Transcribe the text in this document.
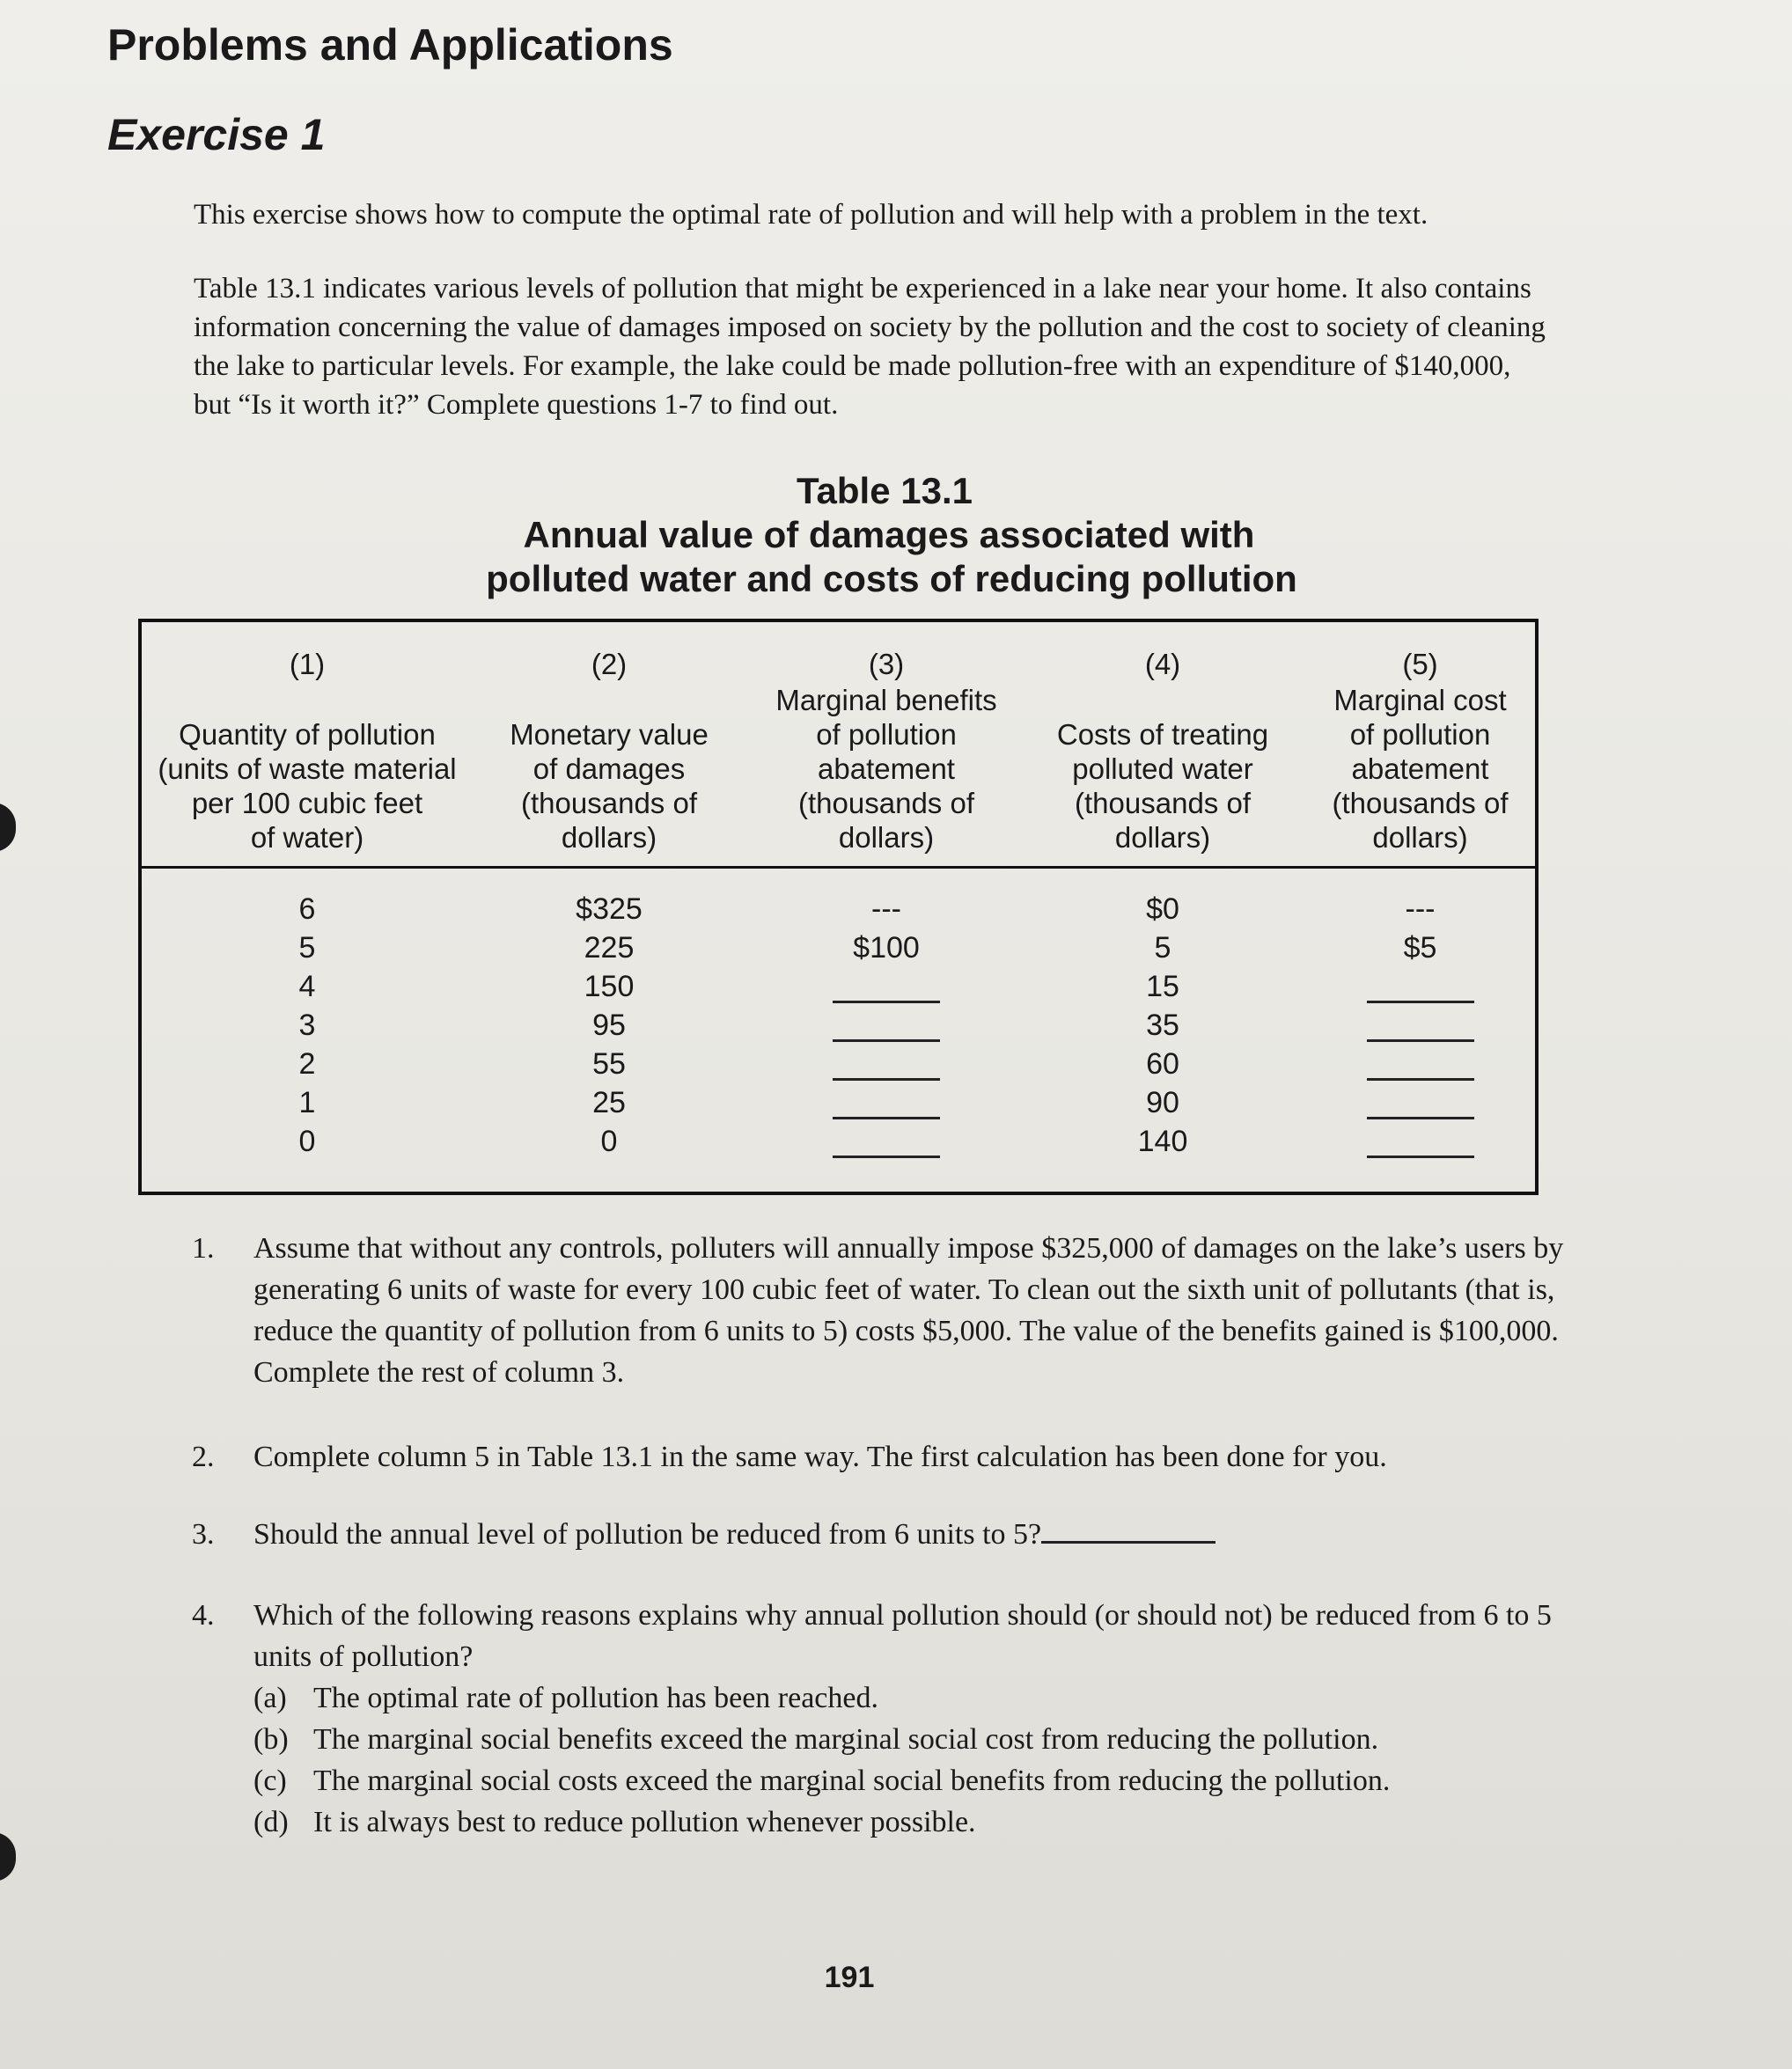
Problems and Applications
Exercise 1
This exercise shows how to compute the optimal rate of pollution and will help with a problem in the text.
Table 13.1 indicates various levels of pollution that might be experienced in a lake near your home. It also contains information concerning the value of damages imposed on society by the pollution and the cost to society of cleaning the lake to particular levels. For example, the lake could be made pollution-free with an expenditure of $140,000, but “Is it worth it?” Complete questions 1-7 to find out.
Table 13.1
Annual value of damages associated with
polluted water and costs of reducing pollution
(1)
Quantity of pollution
(units of waste material
per 100 cubic feet
of water)
6
5
4
3
2
1
0
(2)
Monetary value
of damages
(thousands of
dollars)
$325
225
150
95
55
25
0
(3)
Marginal benefits
of pollution
abatement
(thousands of
dollars)
---
$100
(4)
Costs of treating
polluted water
(thousands of
dollars)
$0
5
15
35
60
90
140
(5)
Marginal cost
of pollution
abatement
(thousands of
dollars)
---
$5
1. Assume that without any controls, polluters will annually impose $325,000 of damages on the lake’s users by generating 6 units of waste for every 100 cubic feet of water. To clean out the sixth unit of pollutants (that is, reduce the quantity of pollution from 6 units to 5) costs $5,000. The value of the benefits gained is $100,000. Complete the rest of column 3.
2. Complete column 5 in Table 13.1 in the same way. The first calculation has been done for you.
3. Should the annual level of pollution be reduced from 6 units to 5?
4. Which of the following reasons explains why annual pollution should (or should not) be reduced from 6 to 5 units of pollution?
(a) The optimal rate of pollution has been reached.
(b) The marginal social benefits exceed the marginal social cost from reducing the pollution.
(c) The marginal social costs exceed the marginal social benefits from reducing the pollution.
(d) It is always best to reduce pollution whenever possible.
191
